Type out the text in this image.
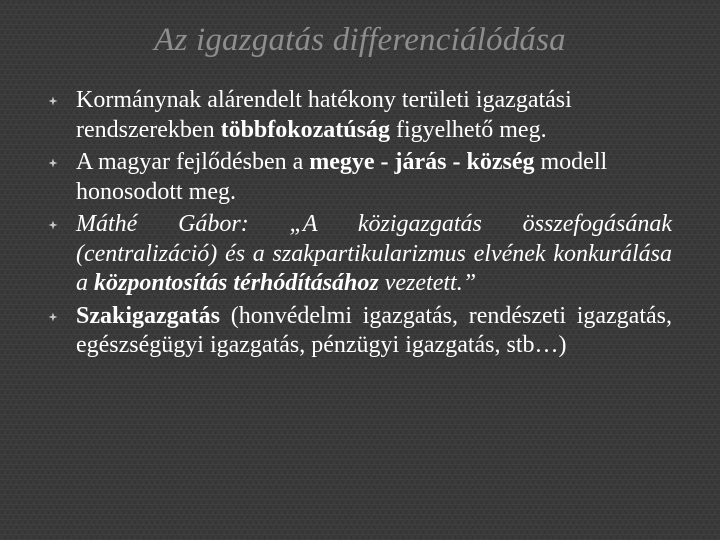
Az igazgatás differenciálódása
Kormánynak alárendelt hatékony területi igazgatási rendszerekben többfokozatúság figyelhető meg.
A magyar fejlődésben a megye - járás - község modell honosodott meg.
Máthé Gábor: „A közigazgatás összefogásának (centralizáció) és a szakpartikularizmus elvének konkurálása a központosítás térhódításához vezetett.”
Szakigazgatás (honvédelmi igazgatás, rendészeti igazgatás, egészségügyi igazgatás, pénzügyi igazgatás, stb…)
